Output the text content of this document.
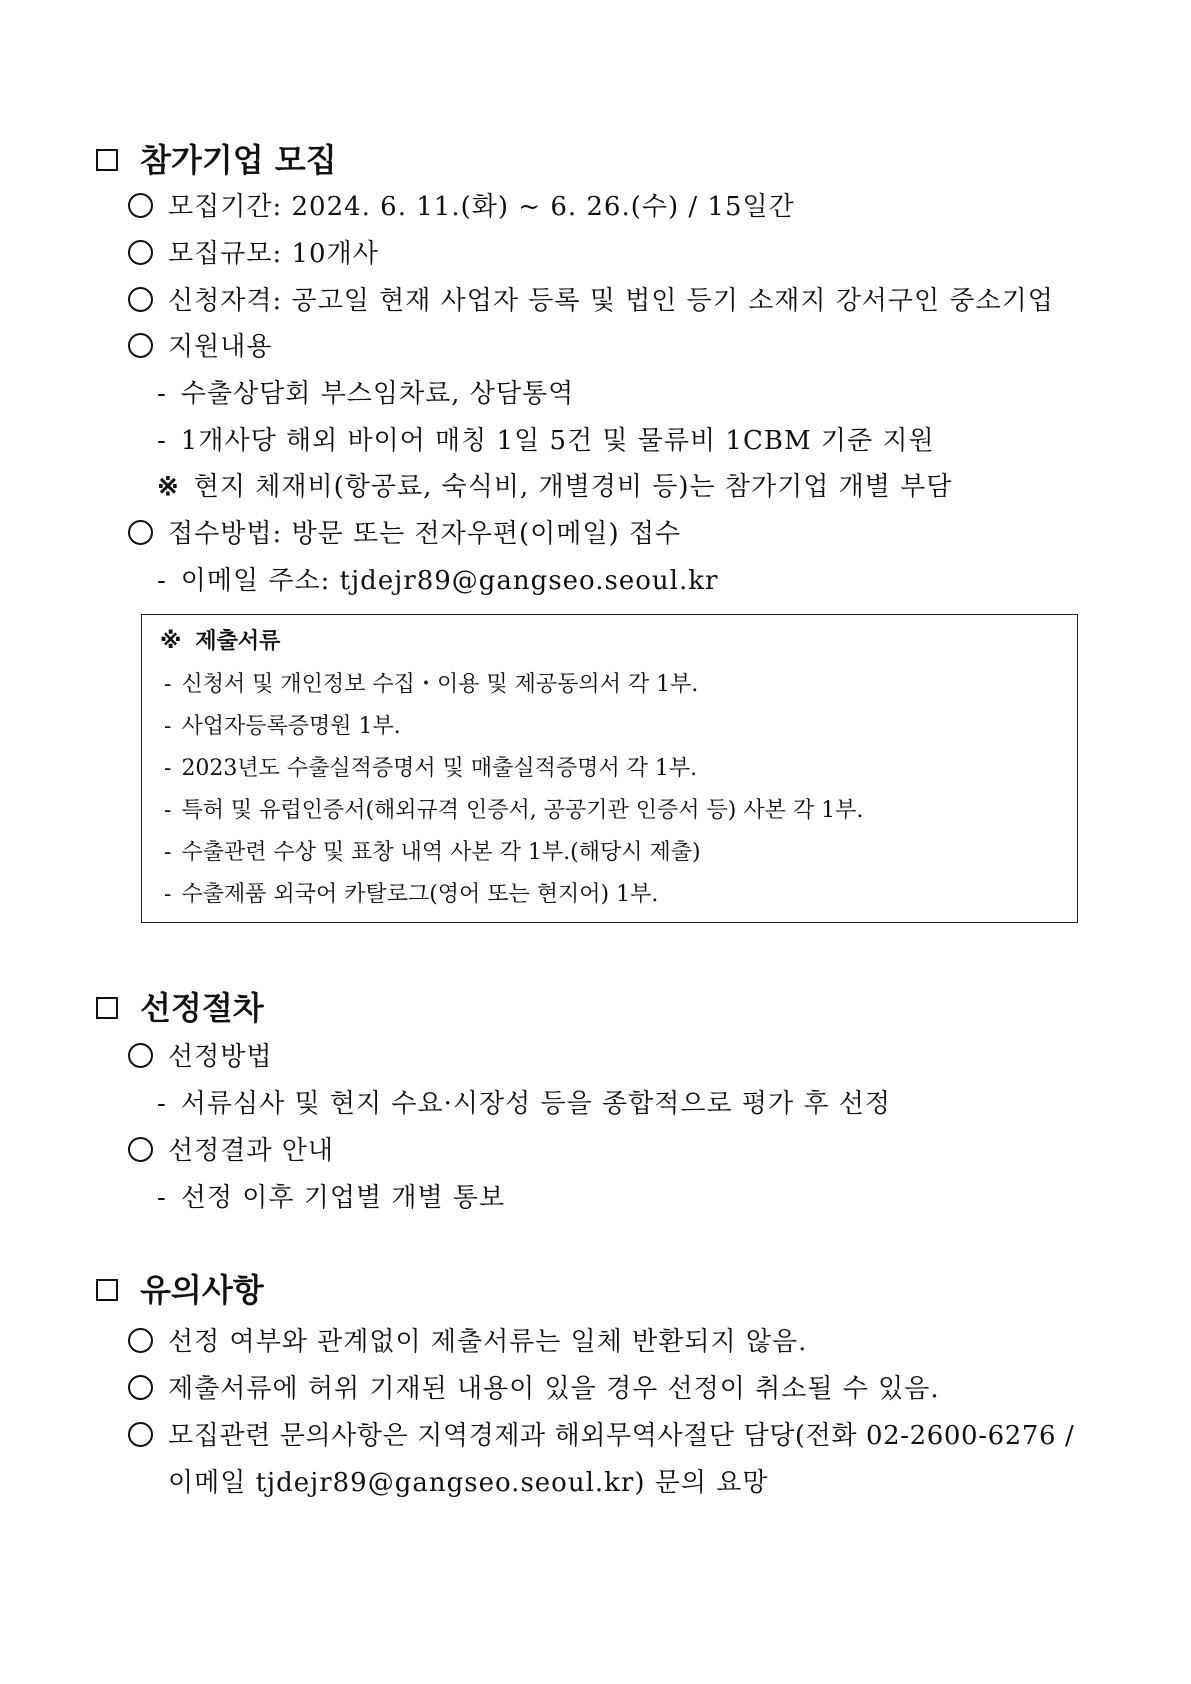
참가기업 모집
모집기간: 2024. 6. 11.(화) ~ 6. 26.(수) / 15일간
모집규모: 10개사
신청자격: 공고일 현재 사업자 등록 및 법인 등기 소재지 강서구인 중소기업
지원내용
- 수출상담회 부스임차료, 상담통역
- 1개사당 해외 바이어 매칭 1일 5건 및 물류비 1CBM 기준 지원
※ 현지 체재비(항공료, 숙식비, 개별경비 등)는 참가기업 개별 부담
접수방법: 방문 또는 전자우편(이메일) 접수
- 이메일 주소: tjdejr89@gangseo.seoul.kr
※ 제출서류
- 신청서 및 개인정보 수집・이용 및 제공동의서 각 1부.
- 사업자등록증명원 1부.
- 2023년도 수출실적증명서 및 매출실적증명서 각 1부.
- 특허 및 유럽인증서(해외규격 인증서, 공공기관 인증서 등) 사본 각 1부.
- 수출관련 수상 및 표창 내역 사본 각 1부.(해당시 제출)
- 수출제품 외국어 카탈로그(영어 또는 현지어) 1부.
선정절차
선정방법
- 서류심사 및 현지 수요·시장성 등을 종합적으로 평가 후 선정
선정결과 안내
- 선정 이후 기업별 개별 통보
유의사항
선정 여부와 관계없이 제출서류는 일체 반환되지 않음.
제출서류에 허위 기재된 내용이 있을 경우 선정이 취소될 수 있음.
모집관련 문의사항은 지역경제과 해외무역사절단 담당(전화 02-2600-6276 /
이메일 tjdejr89@gangseo.seoul.kr) 문의 요망
